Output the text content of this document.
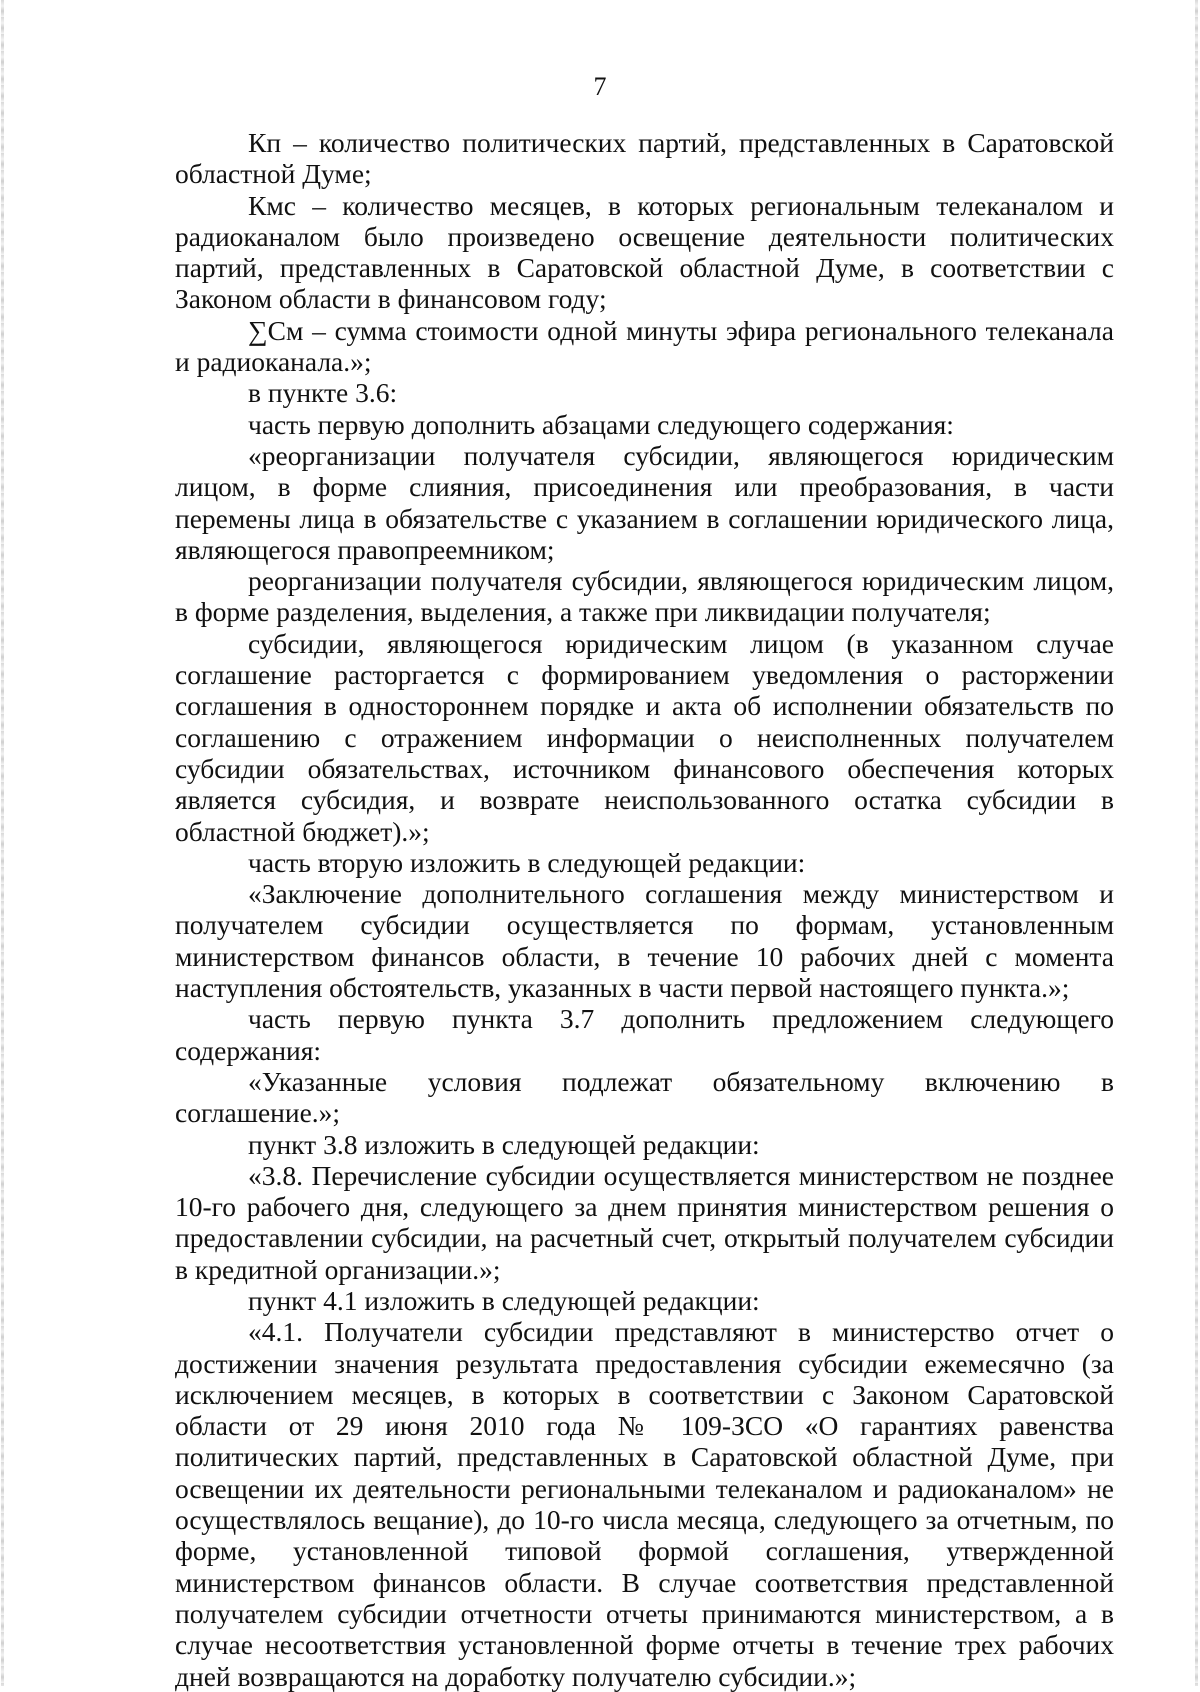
7

Кп – количество политических партий, представленных в Саратовской областной Думе;

Кмс – количество месяцев, в которых региональным телеканалом и радиоканалом было произведено освещение деятельности политических партий, представленных в Саратовской областной Думе, в соответствии с Законом области в финансовом году;

∑См – сумма стоимости одной минуты эфира регионального телеканала и радиоканала.»;

в пункте 3.6:

часть первую дополнить абзацами следующего содержания:

«реорганизации получателя субсидии, являющегося юридическим лицом, в форме слияния, присоединения или преобразования, в части перемены лица в обязательстве с указанием в соглашении юридического лица, являющегося правопреемником;

реорганизации получателя субсидии, являющегося юридическим лицом, в форме разделения, выделения, а также при ликвидации получателя;

субсидии, являющегося юридическим лицом (в указанном случае соглашение расторгается с формированием уведомления о расторжении соглашения в одностороннем порядке и акта об исполнении обязательств по соглашению с отражением информации о неисполненных получателем субсидии обязательствах, источником финансового обеспечения которых является субсидия, и возврате неиспользованного остатка субсидии в областной бюджет).»;

часть вторую изложить в следующей редакции:

«Заключение дополнительного соглашения между министерством и получателем субсидии осуществляется по формам, установленным министерством финансов области, в течение 10 рабочих дней с момента наступления обстоятельств, указанных в части первой настоящего пункта.»;

часть первую пункта 3.7 дополнить предложением следующего содержания:

«Указанные условия подлежат обязательному включению в соглашение.»;

пункт 3.8 изложить в следующей редакции:

«3.8. Перечисление субсидии осуществляется министерством не позднее 10-го рабочего дня, следующего за днем принятия министерством решения о предоставлении субсидии, на расчетный счет, открытый получателем субсидии в кредитной организации.»;

пункт 4.1 изложить в следующей редакции:

«4.1. Получатели субсидии представляют в министерство отчет о достижении значения результата предоставления субсидии ежемесячно (за исключением месяцев, в которых в соответствии с Законом Саратовской области от 29 июня 2010 года № 109-ЗСО «О гарантиях равенства политических партий, представленных в Саратовской областной Думе, при освещении их деятельности региональными телеканалом и радиоканалом» не осуществлялось вещание), до 10-го числа месяца, следующего за отчетным, по форме, установленной типовой формой соглашения, утвержденной министерством финансов области. В случае соответствия представленной получателем субсидии отчетности отчеты принимаются министерством, а в случае несоответствия установленной форме отчеты в течение трех рабочих дней возвращаются на доработку получателю субсидии.»;
